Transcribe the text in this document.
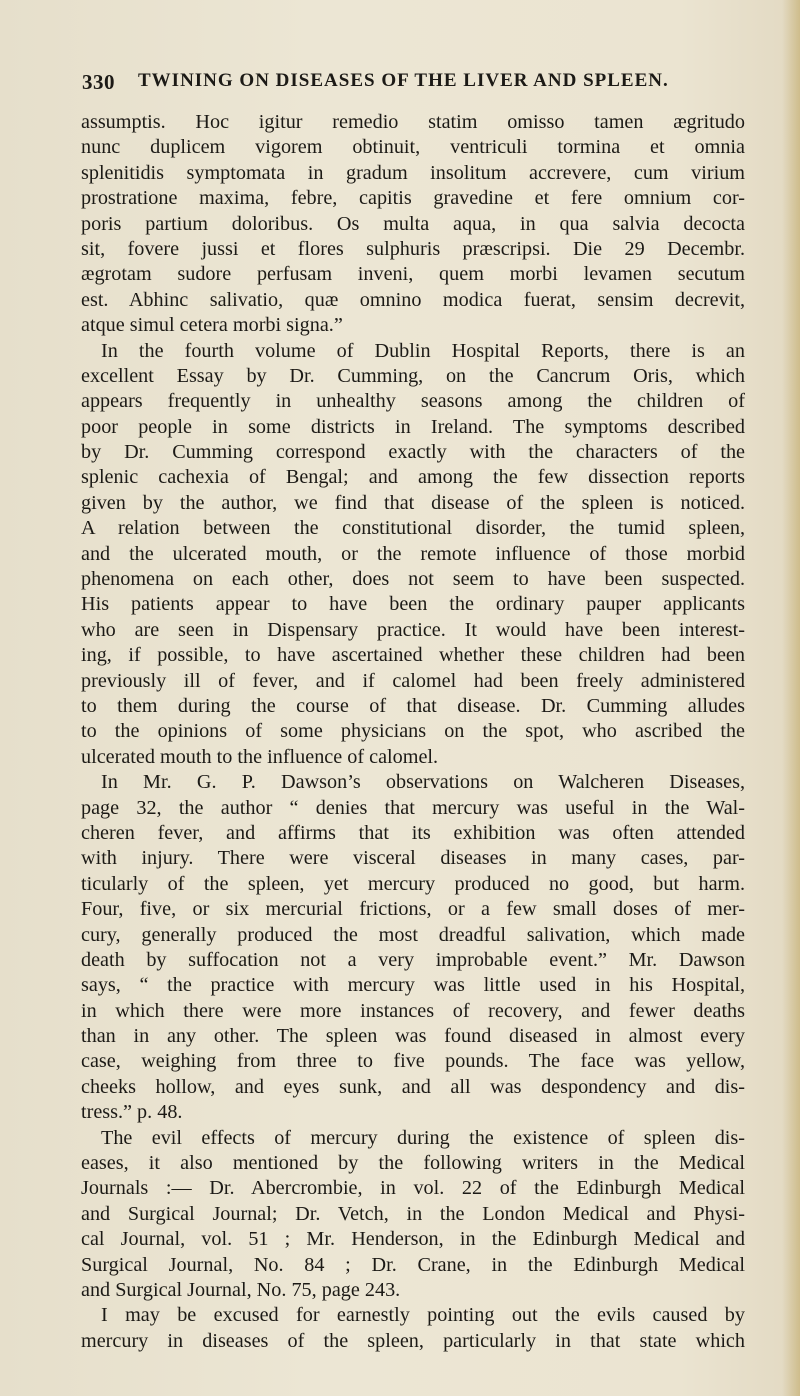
330 TWINING ON DISEASES OF THE LIVER AND SPLEEN.
assumptis. Hoc igitur remedio statim omisso tamen ægritudo
nunc duplicem vigorem obtinuit, ventriculi tormina et omnia
splenitidis symptomata in gradum insolitum accrevere, cum virium
prostratione maxima, febre, capitis gravedine et fere omnium cor-
poris partium doloribus. Os multa aqua, in qua salvia decocta
sit, fovere jussi et flores sulphuris præscripsi. Die 29 Decembr.
ægrotam sudore perfusam inveni, quem morbi levamen secutum
est. Abhinc salivatio, quæ omnino modica fuerat, sensim decrevit,
atque simul cetera morbi signa.”
In the fourth volume of Dublin Hospital Reports, there is an
excellent Essay by Dr. Cumming, on the Cancrum Oris, which
appears frequently in unhealthy seasons among the children of
poor people in some districts in Ireland. The symptoms described
by Dr. Cumming correspond exactly with the characters of the
splenic cachexia of Bengal; and among the few dissection reports
given by the author, we find that disease of the spleen is noticed.
A relation between the constitutional disorder, the tumid spleen,
and the ulcerated mouth, or the remote influence of those morbid
phenomena on each other, does not seem to have been suspected.
His patients appear to have been the ordinary pauper applicants
who are seen in Dispensary practice. It would have been interest-
ing, if possible, to have ascertained whether these children had been
previously ill of fever, and if calomel had been freely administered
to them during the course of that disease. Dr. Cumming alludes
to the opinions of some physicians on the spot, who ascribed the
ulcerated mouth to the influence of calomel.
In Mr. G. P. Dawson’s observations on Walcheren Diseases,
page 32, the author “ denies that mercury was useful in the Wal-
cheren fever, and affirms that its exhibition was often attended
with injury. There were visceral diseases in many cases, par-
ticularly of the spleen, yet mercury produced no good, but harm.
Four, five, or six mercurial frictions, or a few small doses of mer-
cury, generally produced the most dreadful salivation, which made
death by suffocation not a very improbable event.” Mr. Dawson
says, “ the practice with mercury was little used in his Hospital,
in which there were more instances of recovery, and fewer deaths
than in any other. The spleen was found diseased in almost every
case, weighing from three to five pounds. The face was yellow,
cheeks hollow, and eyes sunk, and all was despondency and dis-
tress.” p. 48.
The evil effects of mercury during the existence of spleen dis-
eases, it also mentioned by the following writers in the Medical
Journals :— Dr. Abercrombie, in vol. 22 of the Edinburgh Medical
and Surgical Journal; Dr. Vetch, in the London Medical and Physi-
cal Journal, vol. 51 ; Mr. Henderson, in the Edinburgh Medical and
Surgical Journal, No. 84 ; Dr. Crane, in the Edinburgh Medical
and Surgical Journal, No. 75, page 243.
I may be excused for earnestly pointing out the evils caused by
mercury in diseases of the spleen, particularly in that state which
